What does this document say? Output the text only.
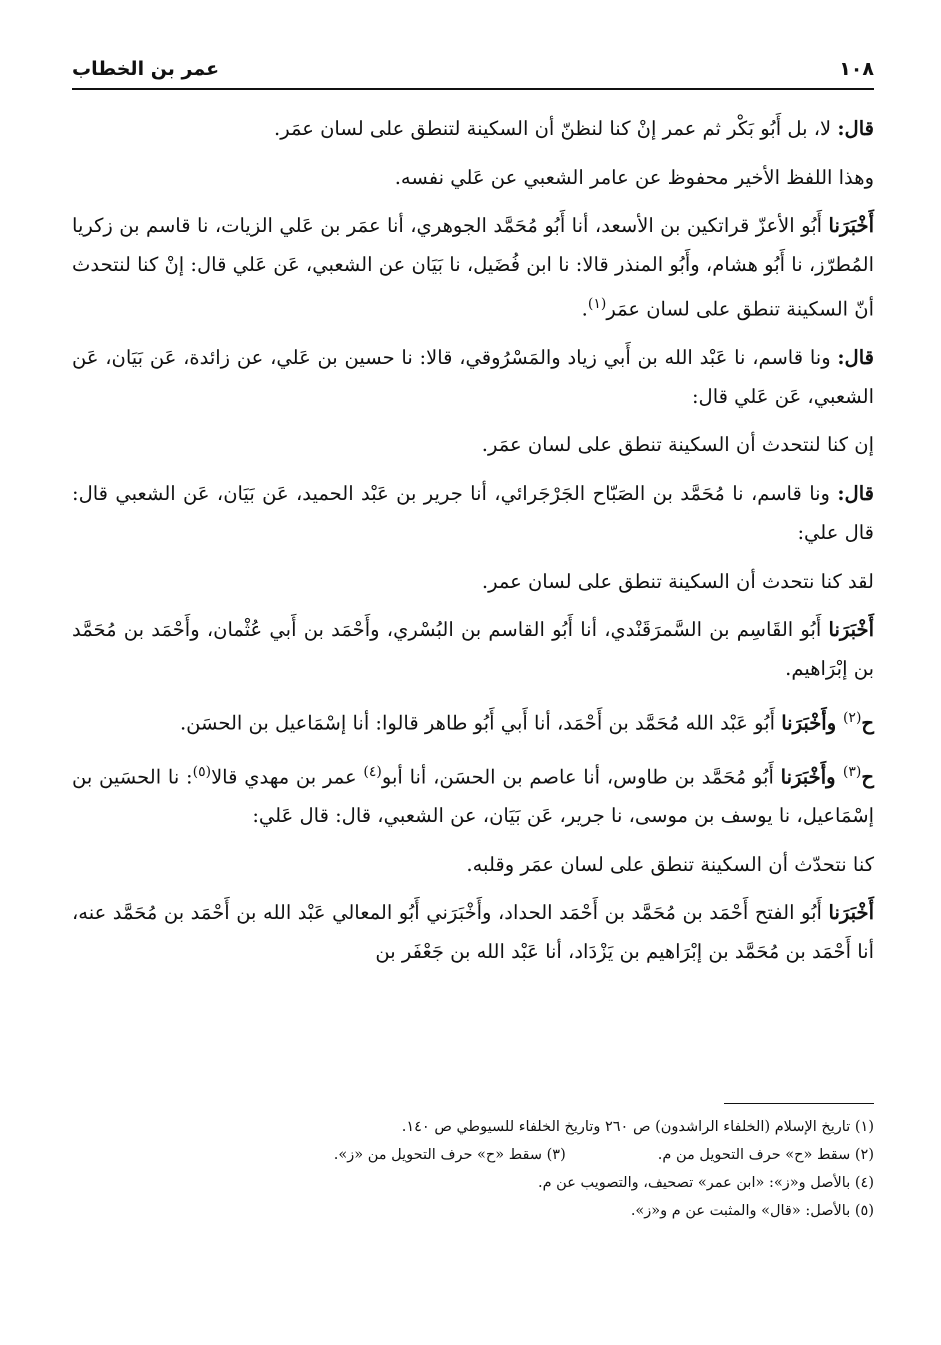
١٠٨
عمر بن الخطاب

قال: لا، بل أَبُو بَكْر ثم عمر إنْ كنا لنظنّ أن السكينة لتنطق على لسان عمَر.

وهذا اللفظ الأخير محفوظ عن عامر الشعبي عن عَلي نفسه.

أَخْبَرَنا أَبُو الأعزّ قراتكين بن الأسعد، أنا أَبُو مُحَمَّد الجوهري، أنا عمَر بن عَلي الزيات، نا قاسم بن زكريا المُطرّز، نا أَبُو هشام، وأَبُو المنذر قالا: نا ابن فُضَيل، نا بَيَان عن الشعبي، عَن عَلي قال: إنْ كنا لنتحدث أنّ السكينة تنطق على لسان عمَر$^{(١)}$.

قال: ونا قاسم، نا عَبْد الله بن أَبي زياد والمَسْرُوقي، قالا: نا حسين بن عَلي، عن زائدة، عَن بَيَان، عَن الشعبي، عَن عَلي قال:

إن كنا لنتحدث أن السكينة تنطق على لسان عمَر.

قال: ونا قاسم، نا مُحَمَّد بن الصَبّاح الجَرْجَرائي، أنا جرير بن عَبْد الحميد، عَن بَيَان، عَن الشعبي قال: قال علي:

لقد كنا نتحدث أن السكينة تنطق على لسان عمر.

أَخْبَرَنا أَبُو القَاسِم بن السَّمرَقَنْدي، أنا أَبُو القاسم بن البُسْري، وأَحْمَد بن أَبي عُثْمان، وأَحْمَد بن مُحَمَّد بن إبْرَاهيم.

ح$^{(٢)}$ وأَخْبَرَنا أَبُو عَبْد الله مُحَمَّد بن أَحْمَد، أنا أَبي أَبُو طاهر قالوا: أنا إسْمَاعيل بن الحسَن.

ح$^{(٣)}$ وأَخْبَرَنا أَبُو مُحَمَّد بن طاوس، أنا عاصم بن الحسَن، أنا أبو$^{(٤)}$ عمر بن مهدي قالا$^{(٥)}$: نا الحسَين بن إسْمَاعيل، نا يوسف بن موسى، نا جرير، عَن بَيَان، عن الشعبي، قال: قال عَلي:

كنا نتحدّث أن السكينة تنطق على لسان عمَر وقلبه.

أَخْبَرَنا أَبُو الفتح أَحْمَد بن مُحَمَّد بن أَحْمَد الحداد، وأَخْبَرَني أَبُو المعالي عَبْد الله بن أَحْمَد بن مُحَمَّد عنه، أنا أَحْمَد بن مُحَمَّد بن إبْرَاهيم بن يَزْدَاد، أنا عَبْد الله بن جَعْفَر بن

(١) تاريخ الإسلام (الخلفاء الراشدون) ص ٢٦٠ وتاريخ الخلفاء للسيوطي ص ١٤٠.

(٢) سقط «ح» حرف التحويل من م.
(٣) سقط «ح» حرف التحويل من «ز».

(٤) بالأصل و«ز»: «ابن عمر» تصحيف، والتصويب عن م.

(٥) بالأصل: «قال» والمثبت عن م و«ز».
